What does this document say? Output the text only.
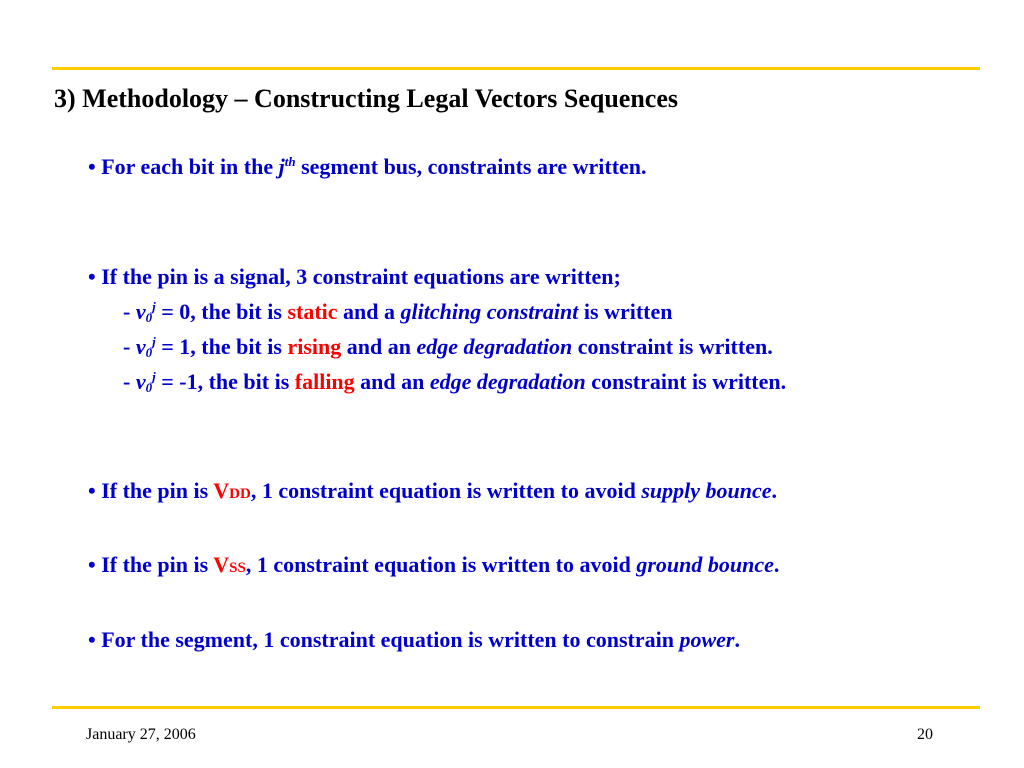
3) Methodology – Constructing Legal Vectors Sequences
• For each bit in the $j^{th}$ segment bus, constraints are written.
• If the pin is a signal, 3 constraint equations are written;
- $v_0^j = 0$, the bit is static and a glitching constraint is written
- $v_0^j = 1$, the bit is rising and an edge degradation constraint is written.
- $v_0^j = -1$, the bit is falling and an edge degradation constraint is written.
• If the pin is VDD, 1 constraint equation is written to avoid supply bounce.
• If the pin is VSS, 1 constraint equation is written to avoid ground bounce.
• For the segment, 1 constraint equation is written to constrain power.
January 27, 2006	20
